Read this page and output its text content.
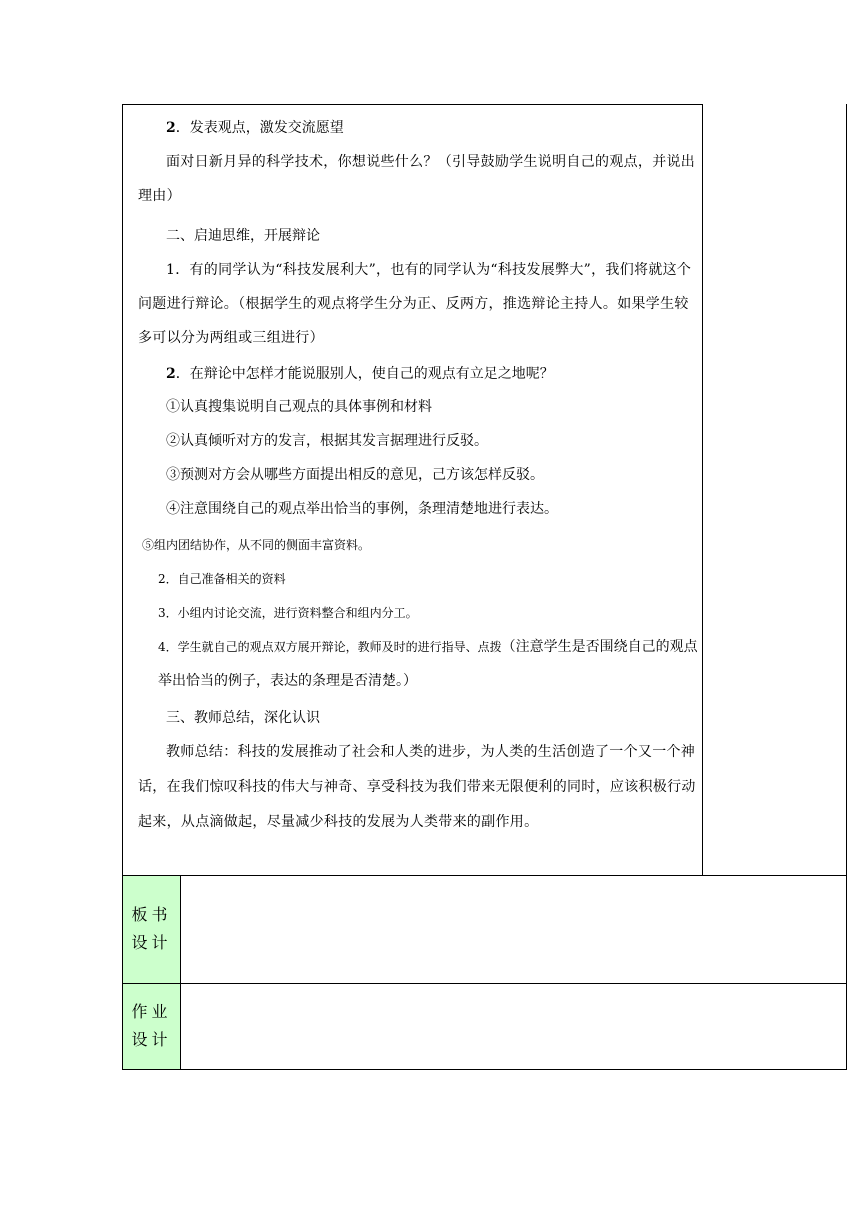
2．发表观点，激发交流愿望
面对日新月异的科学技术，你想说些什么？（引导鼓励学生说明自己的观点，并说出理由）
二、启迪思维，开展辩论
1．有的同学认为“科技发展利大”，也有的同学认为“科技发展弊大”，我们将就这个问题进行辩论。（根据学生的观点将学生分为正、反两方，推选辩论主持人。如果学生较多可以分为两组或三组进行）
2．在辩论中怎样才能说服别人，使自己的观点有立足之地呢？
①认真搜集说明自己观点的具体事例和材料
②认真倾听对方的发言，根据其发言据理进行反驳。
③预测对方会从哪些方面提出相反的意见，己方该怎样反驳。
④注意围绕自己的观点举出恰当的事例，条理清楚地进行表达。
⑤组内团结协作，从不同的侧面丰富资料。
2．自己准备相关的资料
3．小组内讨论交流，进行资料整合和组内分工。
4．学生就自己的观点双方展开辩论，教师及时的进行指导、点拨（注意学生是否围绕自己的观点举出恰当的例子，表达的条理是否清楚。）
三、教师总结，深化认识
教师总结：科技的发展推动了社会和人类的进步，为人类的生活创造了一个又一个神话，在我们惊叹科技的伟大与神奇、享受科技为我们带来无限便利的同时，应该积极行动起来，从点滴做起，尽量减少科技的发展为人类带来的副作用。
板书
设计
作业
设计
